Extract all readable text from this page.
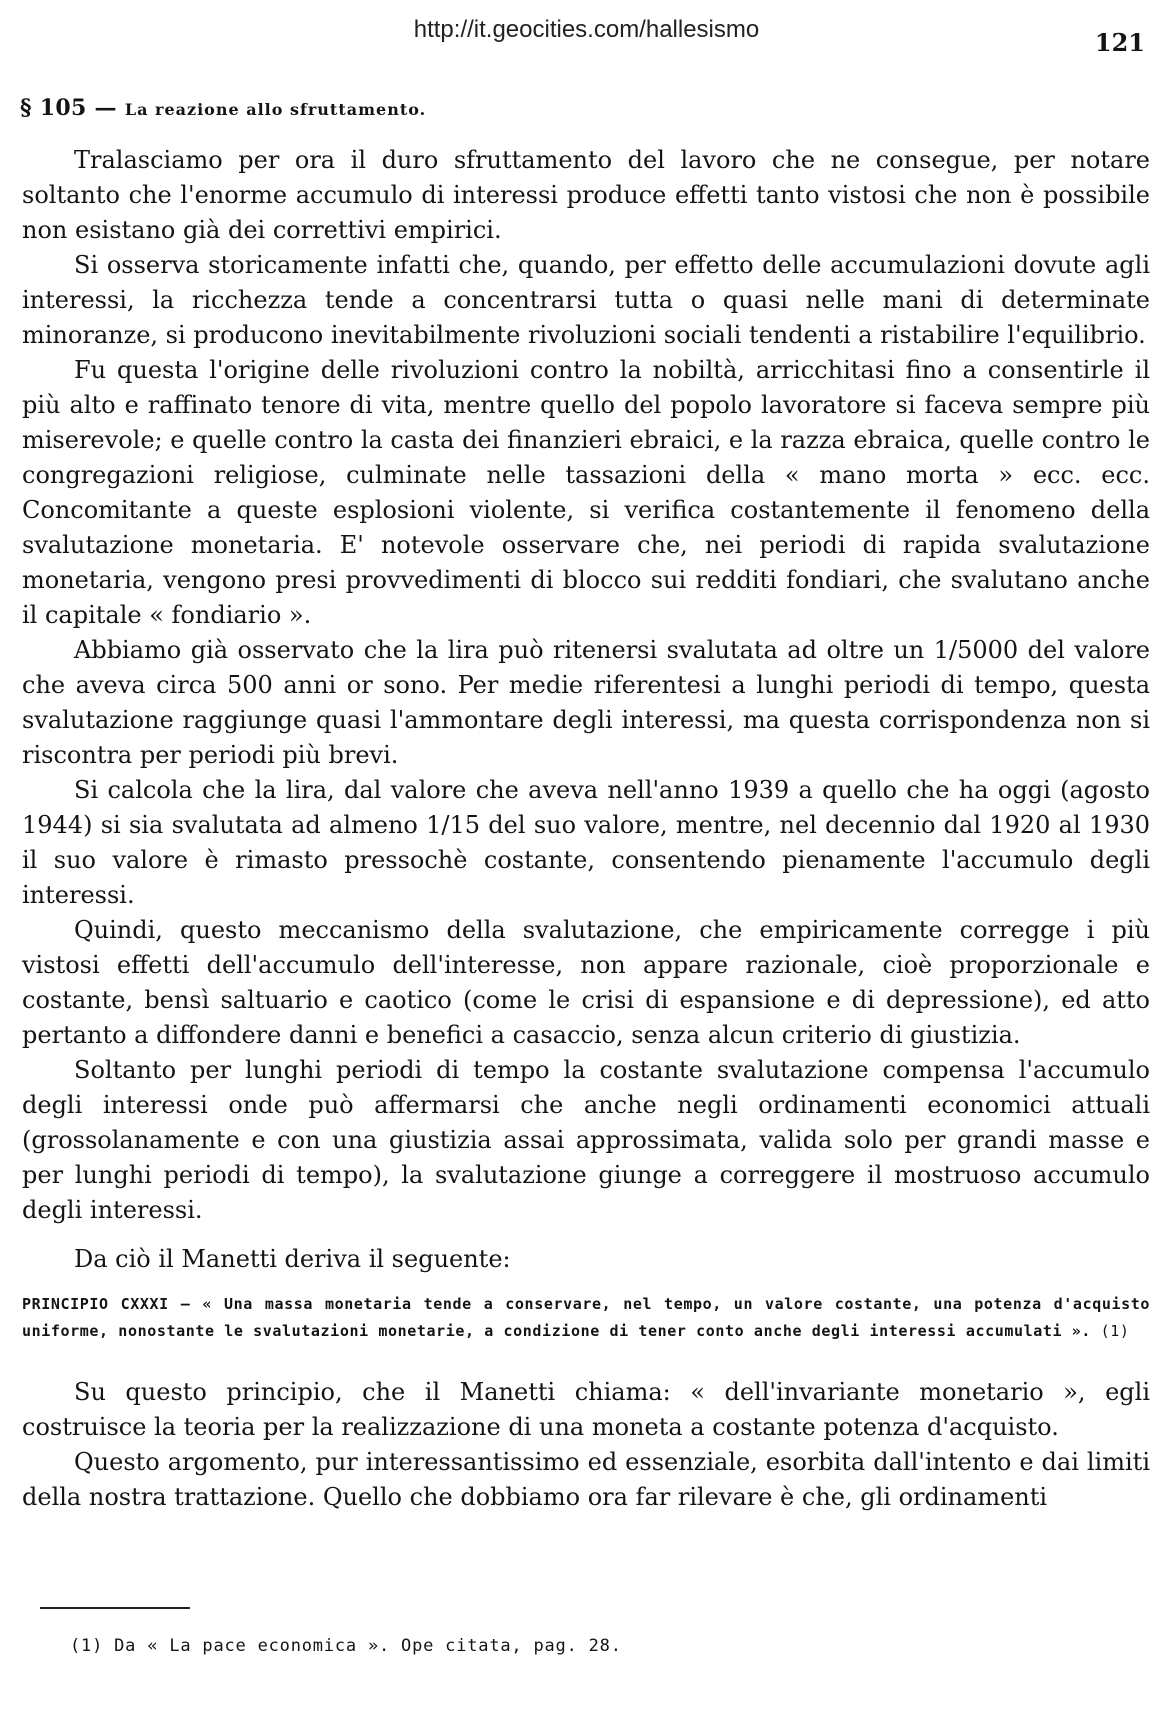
http://it.geocities.com/hallesismo	121
§ 105 — La reazione allo sfruttamento.

Tralasciamo per ora il duro sfruttamento del lavoro che ne consegue, per notare soltanto che l'enorme accumulo di interessi produce effetti tanto vistosi che non è possibile non esistano già dei correttivi empirici.

Si osserva storicamente infatti che, quando, per effetto delle accumulazioni dovute agli interessi, la ricchezza tende a concentrarsi tutta o quasi nelle mani di determinate minoranze, si producono inevitabilmente rivoluzioni sociali tendenti a ristabilire l'equilibrio.

Fu questa l'origine delle rivoluzioni contro la nobiltà, arricchitasi fino a consentirle il più alto e raffinato tenore di vita, mentre quello del popolo lavoratore si faceva sempre più miserevole; e quelle contro la casta dei finanzieri ebraici, e la razza ebraica, quelle contro le congregazioni religiose, culminate nelle tassazioni della « mano morta » ecc. ecc. Concomitante a queste esplosioni violente, si verifica costantemente il fenomeno della svalutazione monetaria. E' notevole osservare che, nei periodi di rapida svalutazione monetaria, vengono presi provvedimenti di blocco sui redditi fondiari, che svalutano anche il capitale « fondiario ».

Abbiamo già osservato che la lira può ritenersi svalutata ad oltre un 1/5000 del valore che aveva circa 500 anni or sono. Per medie riferentesi a lunghi periodi di tempo, questa svalutazione raggiunge quasi l'ammontare degli interessi, ma questa corrispondenza non si riscontra per periodi più brevi.

Si calcola che la lira, dal valore che aveva nell'anno 1939 a quello che ha oggi (agosto 1944) si sia svalutata ad almeno 1/15 del suo valore, mentre, nel decennio dal 1920 al 1930 il suo valore è rimasto pressochè costante, consentendo pienamente l'accumulo degli interessi.

Quindi, questo meccanismo della svalutazione, che empiricamente corregge i più vistosi effetti dell'accumulo dell'interesse, non appare razionale, cioè proporzionale e costante, bensì saltuario e caotico (come le crisi di espansione e di depressione), ed atto pertanto a diffondere danni e benefici a casaccio, senza alcun criterio di giustizia.

Soltanto per lunghi periodi di tempo la costante svalutazione compensa l'accumulo degli interessi onde può affermarsi che anche negli ordinamenti economici attuali (grossolanamente e con una giustizia assai approssimata, valida solo per grandi masse e per lunghi periodi di tempo), la svalutazione giunge a correggere il mostruoso accumulo degli interessi.

Da ciò il Manetti deriva il seguente:

PRINCIPIO CXXXI — « Una massa monetaria tende a conservare, nel tempo, un valore costante, una potenza d'acquisto uniforme, nonostante le svalutazioni monetarie, a condizione di tener conto anche degli interessi accumulati ». (1)

Su questo principio, che il Manetti chiama: « dell'invariante monetario », egli costruisce la teoria per la realizzazione di una moneta a costante potenza d'acquisto.

Questo argomento, pur interessantissimo ed essenziale, esorbita dall'intento e dai limiti della nostra trattazione. Quello che dobbiamo ora far rilevare è che, gli ordinamenti

(1) Da « La pace economica ». Ope citata, pag. 28.
